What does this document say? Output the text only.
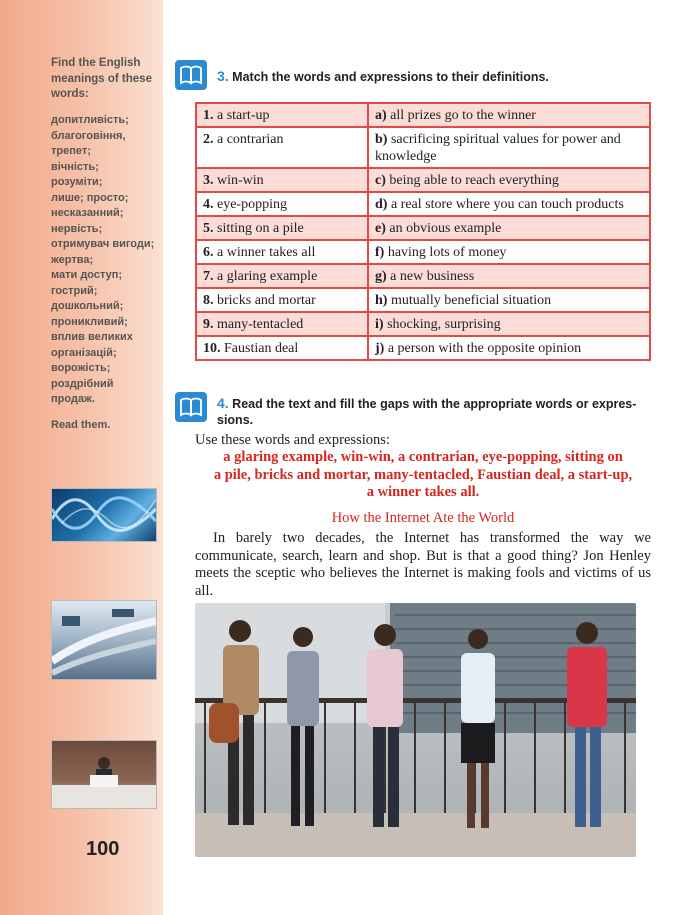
Find the English meanings of these words:
допитливість;
благоговіння,
трепет;
вічність;
розуміти;
лише; просто;
несказанний;
нервість;
отримувач вигоди;
жертва;
мати доступ;
гострий;
дошкольний;
проникливий;
вплив великих
організацій;
ворожість;
роздрібний
продаж.
Read them.
100
3. Match the words and expressions to their definitions.
1. a start-up	a) all prizes go to the winner
2. a contrarian	b) sacrificing spiritual values for power and knowledge
3. win-win	c) being able to reach everything
4. eye-popping	d) a real store where you can touch products
5. sitting on a pile	e) an obvious example
6. a winner takes all	f) having lots of money
7. a glaring example	g) a new business
8. bricks and mortar	h) mutually beneficial situation
9. many-tentacled	i) shocking, surprising
10. Faustian deal	j) a person with the opposite opinion
4. Read the text and fill the gaps with the appropriate words or expres-
sions.
Use these words and expressions:
a glaring example, win-win, a contrarian, eye-popping, sitting on
a pile, bricks and mortar, many-tentacled, Faustian deal, a start-up,
a winner takes all.
How the Internet Ate the World
In barely two decades, the Internet has transformed the way we communicate, search, learn and shop. But is that a good thing? Jon Henley meets the sceptic who believes the Internet is making fools and victims of us all.
